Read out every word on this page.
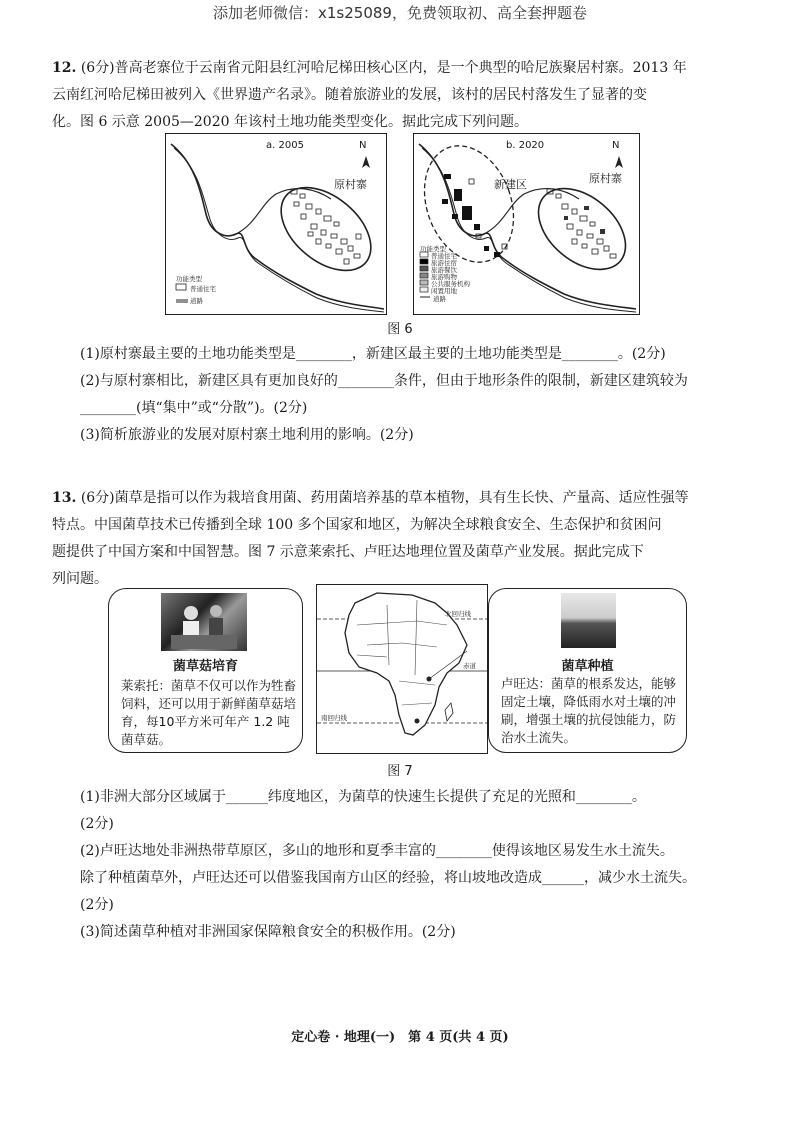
添加老师微信：x1s25089，免费领取初、高全套押题卷
12. (6分)普高老寨位于云南省元阳县红河哈尼梯田核心区内，是一个典型的哈尼族聚居村寨。2013 年
云南红河哈尼梯田被列入《世界遗产名录》。随着旅游业的发展，该村的居民村落发生了显著的变
化。图 6 示意 2005—2020 年该村土地功能类型变化。据此完成下列问题。
a. 2005	N
原村寨
功能类型
普通住宅
道路
b. 2020	N
新建区	原村寨
功能类型
普通住宅
旅游住宿
旅游餐饮
旅游购物
公共服务机构
闲置用地
道路
图 6
(1)原村寨最主要的土地功能类型是________，新建区最主要的土地功能类型是________。(2分)
(2)与原村寨相比，新建区具有更加良好的________条件，但由于地形条件的限制，新建区建筑较为
________(填“集中”或“分散”)。(2分)
(3)简析旅游业的发展对原村寨土地利用的影响。(2分)
13. (6分)菌草是指可以作为栽培食用菌、药用菌培养基的草本植物，具有生长快、产量高、适应性强等
特点。中国菌草技术已传播到全球 100 多个国家和地区，为解决全球粮食安全、生态保护和贫困问
题提供了中国方案和中国智慧。图 7 示意莱索托、卢旺达地理位置及菌草产业发展。据此完成下
列问题。
菌草菇培育
莱索托：菌草不仅可以作为牲畜饲料，还可以用于新鲜菌草菇培育，每10平方米可年产 1.2 吨菌草菇。
北回归线
赤道
南回归线
菌草种植
卢旺达：菌草的根系发达，能够固定土壤，降低雨水对土壤的冲刷，增强土壤的抗侵蚀能力，防治水土流失。
图 7
(1)非洲大部分区域属于______纬度地区，为菌草的快速生长提供了充足的光照和________。
(2分)
(2)卢旺达地处非洲热带草原区，多山的地形和夏季丰富的________使得该地区易发生水土流失。
除了种植菌草外，卢旺达还可以借鉴我国南方山区的经验，将山坡地改造成______，减少水土流失。
(2分)
(3)简述菌草种植对非洲国家保障粮食安全的积极作用。(2分)
定心卷 · 地理(一)　第 4 页(共 4 页)
